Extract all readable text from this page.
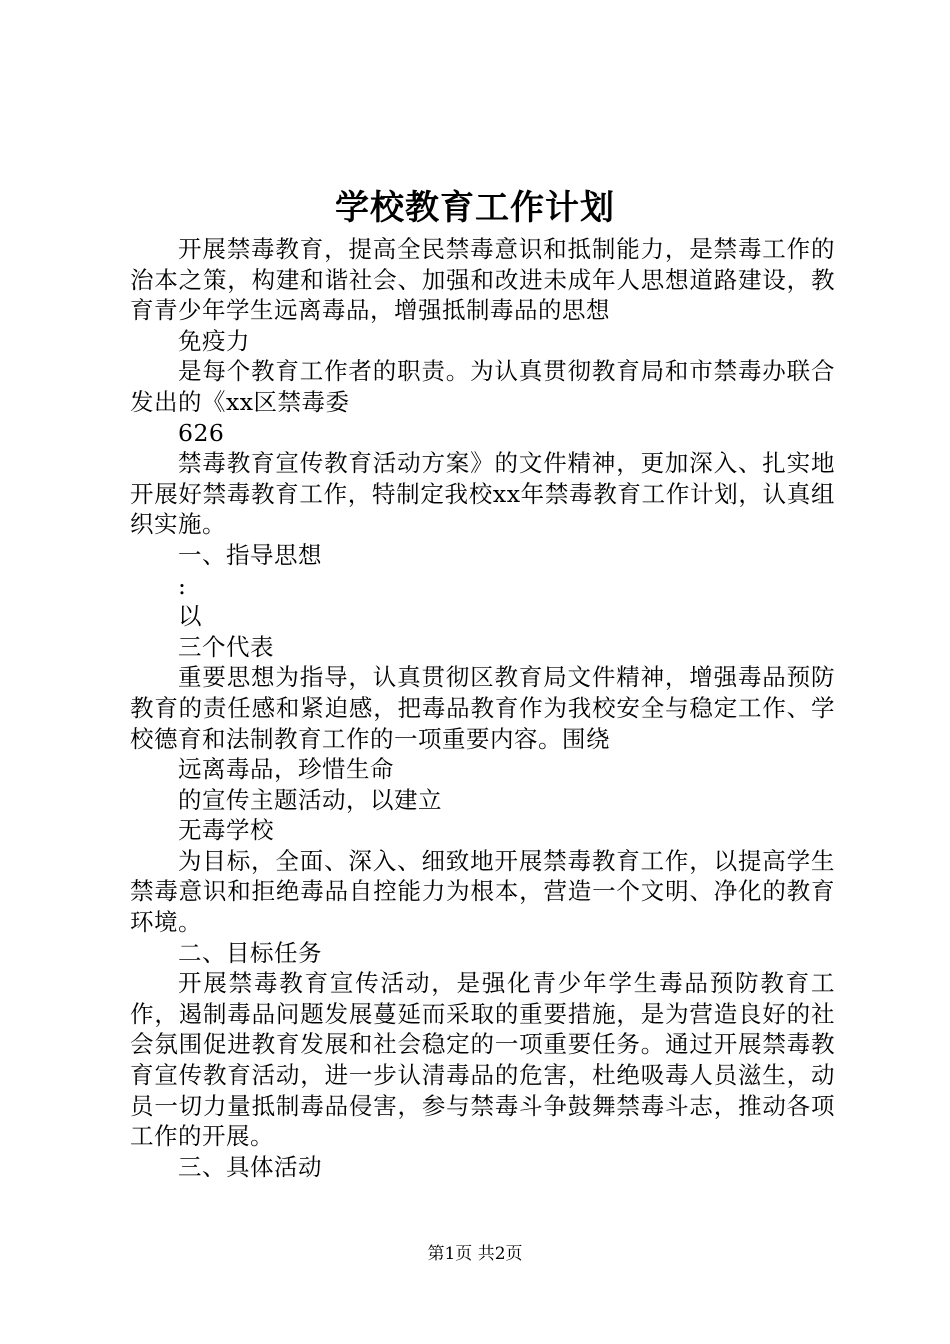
学校教育工作计划

开展禁毒教育，提高全民禁毒意识和抵制能力，是禁毒工作的治本之策，构建和谐社会、加强和改进未成年人思想道路建设，教育青少年学生远离毒品，增强抵制毒品的思想

免疫力

是每个教育工作者的职责。为认真贯彻教育局和市禁毒办联合发出的《xx区禁毒委

626

禁毒教育宣传教育活动方案》的文件精神，更加深入、扎实地开展好禁毒教育工作，特制定我校xx年禁毒教育工作计划，认真组织实施。

一、指导思想

:

以

三个代表

重要思想为指导，认真贯彻区教育局文件精神，增强毒品预防教育的责任感和紧迫感，把毒品教育作为我校安全与稳定工作、学校德育和法制教育工作的一项重要内容。围绕

远离毒品，珍惜生命

的宣传主题活动，以建立

无毒学校

为目标，全面、深入、细致地开展禁毒教育工作，以提高学生禁毒意识和拒绝毒品自控能力为根本，营造一个文明、净化的教育环境。

二、目标任务

开展禁毒教育宣传活动，是强化青少年学生毒品预防教育工作，遏制毒品问题发展蔓延而采取的重要措施，是为营造良好的社会氛围促进教育发展和社会稳定的一项重要任务。通过开展禁毒教育宣传教育活动，进一步认清毒品的危害，杜绝吸毒人员滋生，动员一切力量抵制毒品侵害，参与禁毒斗争鼓舞禁毒斗志，推动各项工作的开展。

三、具体活动

第1页 共2页
